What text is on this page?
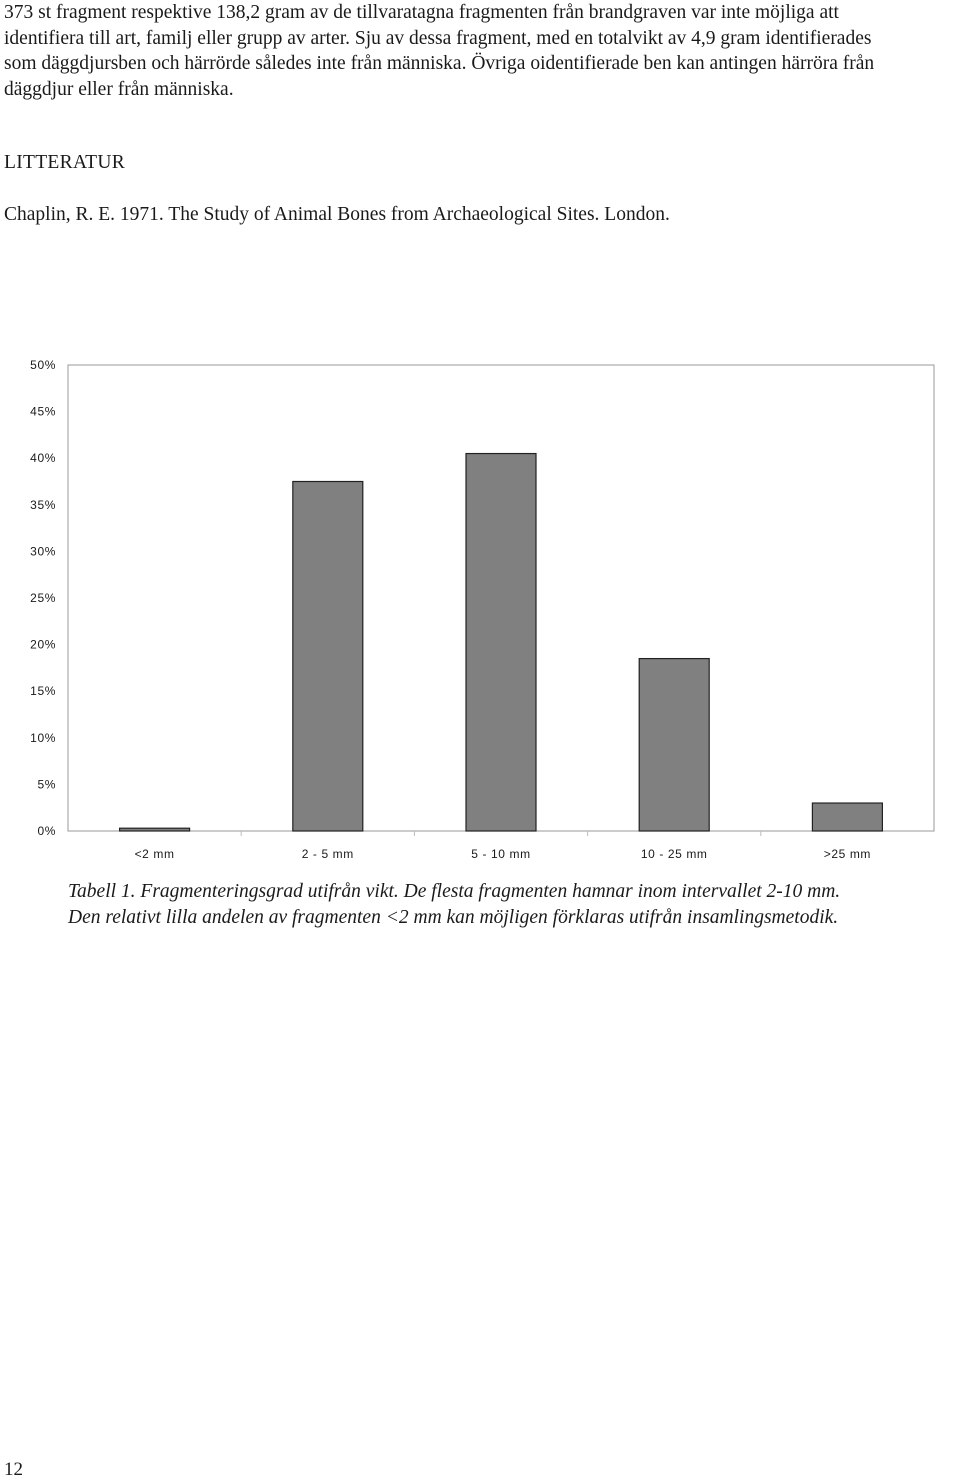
373 st fragment respektive 138,2 gram av de tillvaratagna fragmenten från brandgraven var inte möjliga att
identifiera till art, familj eller grupp av arter. Sju av dessa fragment, med en totalvikt av 4,9 gram identifierades
som däggdjursben och härrörde således inte från människa. Övriga oidentifierade ben kan antingen härröra från
däggdjur eller från människa.

LITTERATUR

Chaplin, R. E. 1971. The Study of Animal Bones from Archaeological Sites. London.

0%
5%
10%
15%
20%
25%
30%
35%
40%
45%
50%
<2 mm	2 - 5 mm	5 - 10 mm	10 - 25 mm	>25 mm
Tabell 1. Fragmenteringsgrad utifrån vikt. De flesta fragmenten hamnar inom intervallet 2-10 mm.
Den relativt lilla andelen av fragmenten <2 mm kan möjligen förklaras utifrån insamlingsmetodik.

12
